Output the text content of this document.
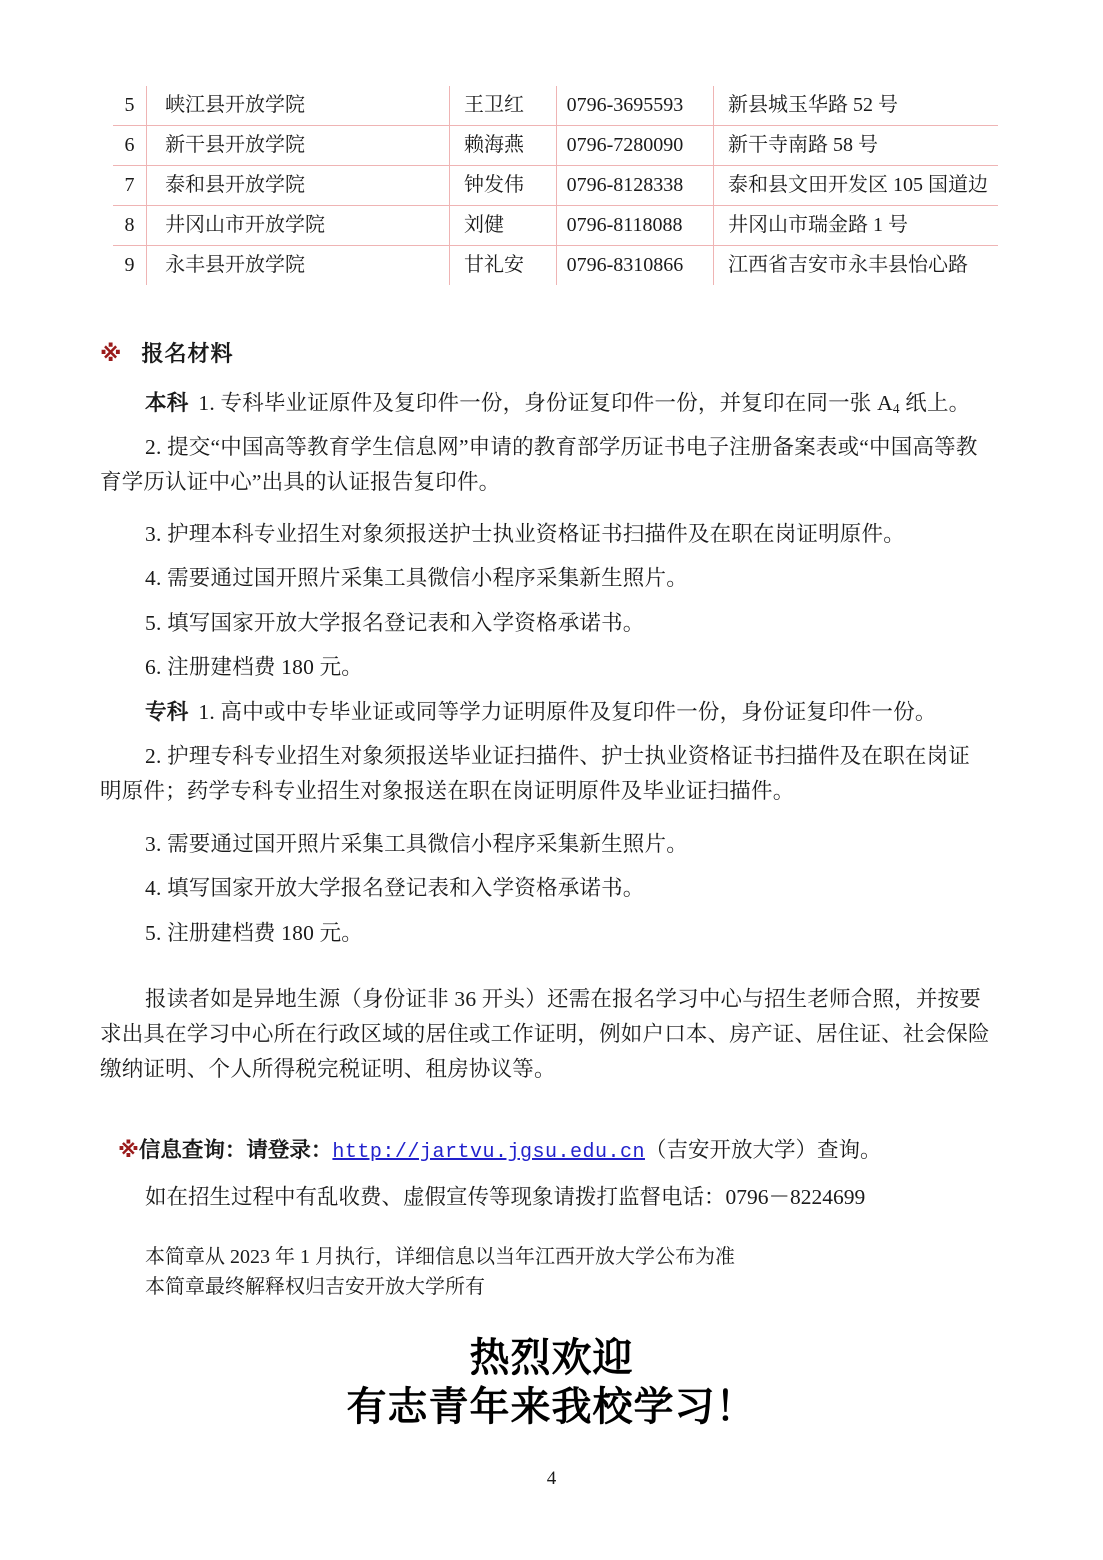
5	峡江县开放学院	王卫红	0796-3695593	新县城玉华路 52 号
6	新干县开放学院	赖海燕	0796-7280090	新干寺南路 58 号
7	泰和县开放学院	钟发伟	0796-8128338	泰和县文田开发区 105 国道边
8	井冈山市开放学院	刘健	0796-8118088	井冈山市瑞金路 1 号
9	永丰县开放学院	甘礼安	0796-8310866	江西省吉安市永丰县怡心路
※ 报名材料
本科 1. 专科毕业证原件及复印件一份，身份证复印件一份，并复印在同一张 $A_4$ 纸上。
2. 提交“中国高等教育学生信息网”申请的教育部学历证书电子注册备案表或“中国高等教育学历认证中心”出具的认证报告复印件。
3. 护理本科专业招生对象须报送护士执业资格证书扫描件及在职在岗证明原件。
4. 需要通过国开照片采集工具微信小程序采集新生照片。
5. 填写国家开放大学报名登记表和入学资格承诺书。
6. 注册建档费 180 元。
专科 1. 高中或中专毕业证或同等学力证明原件及复印件一份，身份证复印件一份。
2. 护理专科专业招生对象须报送毕业证扫描件、护士执业资格证书扫描件及在职在岗证明原件；药学专科专业招生对象报送在职在岗证明原件及毕业证扫描件。
3. 需要通过国开照片采集工具微信小程序采集新生照片。
4. 填写国家开放大学报名登记表和入学资格承诺书。
5. 注册建档费 180 元。
报读者如是异地生源（身份证非 36 开头）还需在报名学习中心与招生老师合照，并按要求出具在学习中心所在行政区域的居住或工作证明，例如户口本、房产证、居住证、社会保险缴纳证明、个人所得税完税证明、租房协议等。
※信息查询：请登录：http://jartvu.jgsu.edu.cn（吉安开放大学）查询。
如在招生过程中有乱收费、虚假宣传等现象请拨打监督电话：0796－8224699
本简章从 2023 年 1 月执行，详细信息以当年江西开放大学公布为准
本简章最终解释权归吉安开放大学所有
热烈欢迎
有志青年来我校学习！
4
